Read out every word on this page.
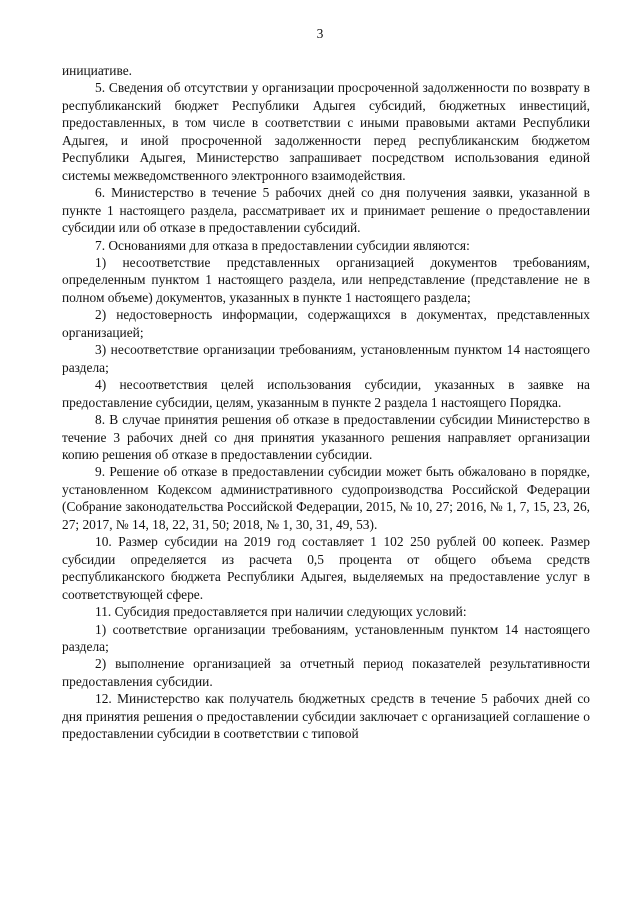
3

инициативе.

5. Сведения об отсутствии у организации просроченной задолженности по возврату в республиканский бюджет Республики Адыгея субсидий, бюджетных инвестиций, предоставленных, в том числе в соответствии с иными правовыми актами Республики Адыгея, и иной просроченной задолженности перед республиканским бюджетом Республики Адыгея, Министерство запрашивает посредством использования единой системы межведомственного электронного взаимодействия.

6. Министерство в течение 5 рабочих дней со дня получения заявки, указанной в пункте 1 настоящего раздела, рассматривает их и принимает решение о предоставлении субсидии или об отказе в предоставлении субсидий.

7. Основаниями для отказа в предоставлении субсидии являются:

1) несоответствие представленных организацией документов требованиям, определенным пунктом 1 настоящего раздела, или непредставление (представление не в полном объеме) документов, указанных в пункте 1 настоящего раздела;

2) недостоверность информации, содержащихся в документах, представленных организацией;

3) несоответствие организации требованиям, установленным пунктом 14 настоящего раздела;

4) несоответствия целей использования субсидии, указанных в заявке на предоставление субсидии, целям, указанным в пункте 2 раздела 1 настоящего Порядка.

8. В случае принятия решения об отказе в предоставлении субсидии Министерство в течение 3 рабочих дней со дня принятия указанного решения направляет организации копию решения об отказе в предоставлении субсидии.

9. Решение об отказе в предоставлении субсидии может быть обжаловано в порядке, установленном Кодексом административного судопроизводства Российской Федерации (Собрание законодательства Российской Федерации, 2015, № 10, 27; 2016, № 1, 7, 15, 23, 26, 27; 2017, № 14, 18, 22, 31, 50; 2018, № 1, 30, 31, 49, 53).

10. Размер субсидии на 2019 год составляет 1 102 250 рублей 00 копеек. Размер субсидии определяется из расчета 0,5 процента от общего объема средств республиканского бюджета Республики Адыгея, выделяемых на предоставление услуг в соответствующей сфере.

11. Субсидия предоставляется при наличии следующих условий:

1) соответствие организации требованиям, установленным пунктом 14 настоящего раздела;

2) выполнение организацией за отчетный период показателей результативности предоставления субсидии.

12. Министерство как получатель бюджетных средств в течение 5 рабочих дней со дня принятия решения о предоставлении субсидии заключает с организацией соглашение о предоставлении субсидии в соответствии с типовой
